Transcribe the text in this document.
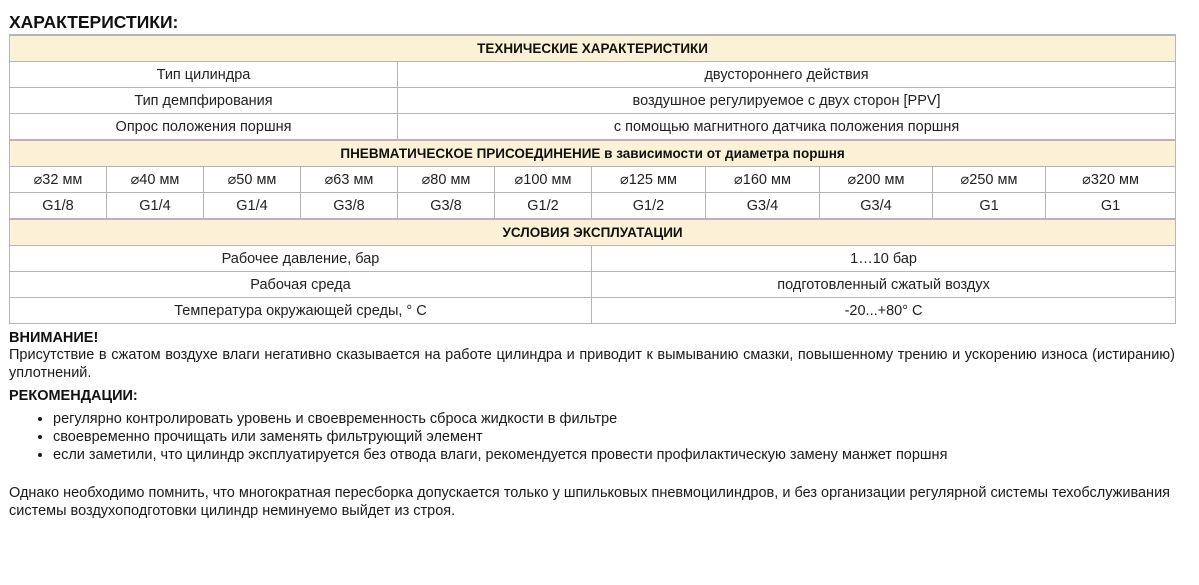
ХАРАКТЕРИСТИКИ:
ТЕХНИЧЕСКИЕ ХАРАКТЕРИСТИКИ										
Тип цилиндра				двустороннего действия						
Тип демпфирования				воздушное регулируемое с двух сторон [PPV]						
Опрос положения поршня				с помощью магнитного датчика положения поршня						
ПНЕВМАТИЧЕСКОЕ ПРИСОЕДИНЕНИЕ в зависимости от диаметра поршня										
⌀32 мм	⌀40 мм	⌀50 мм	⌀63 мм	⌀80 мм	⌀100 мм	⌀125 мм	⌀160 мм	⌀200 мм	⌀250 мм	⌀320 мм
G1/8	G1/4	G1/4	G3/8	G3/8	G1/2	G1/2	G3/4	G3/4	G1	G1
УСЛОВИЯ ЭКСПЛУАТАЦИИ										
Рабочее давление, бар						1…10 бар				
Рабочая среда						подготовленный сжатый воздух				
Температура окружающей среды, ° C						-20...+80° C				
ВНИМАНИЕ!
Присутствие в сжатом воздухе влаги негативно сказывается на работе цилиндра и приводит к вымыванию смазки, повышенному трению и ускорению износа (истиранию) уплотнений.
РЕКОМЕНДАЦИИ:
• регулярно контролировать уровень и своевременность сброса жидкости в фильтре
• своевременно прочищать или заменять фильтрующий элемент
• если заметили, что цилиндр эксплуатируется без отвода влаги, рекомендуется провести профилактическую замену манжет поршня
Однако необходимо помнить, что многократная пересборка допускается только у шпильковых пневмоцилиндров, и без организации регулярной системы техобслуживания системы воздухоподготовки цилиндр неминуемо выйдет из строя.
